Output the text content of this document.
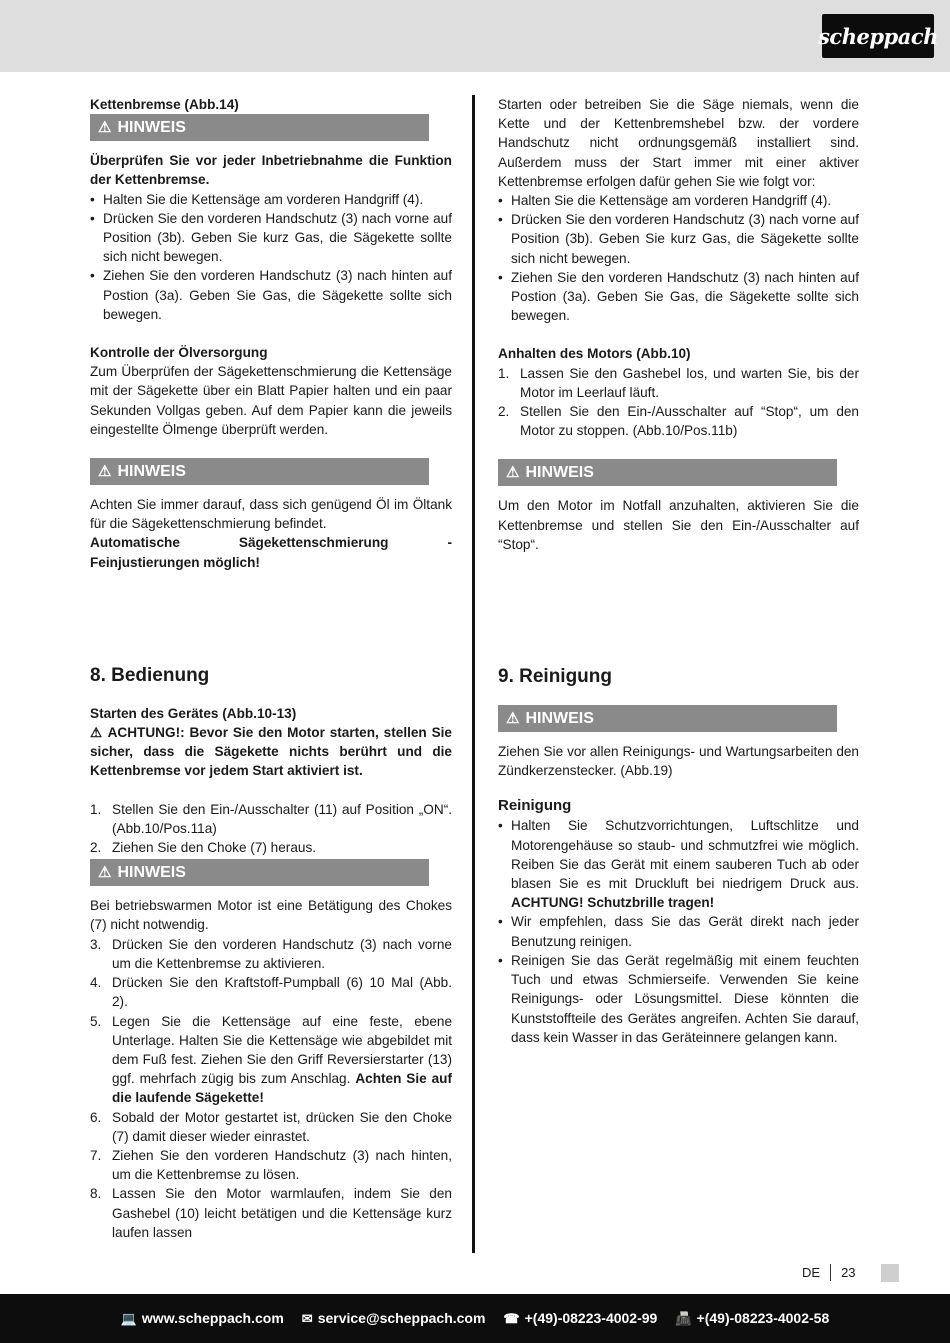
scheppach

Kettenbremse (Abb.14)

⚠ HINWEIS

Überprüfen Sie vor jeder Inbetriebnahme die Funktion der Kettenbremse.

• Halten Sie die Kettensäge am vorderen Handgriff (4).
• Drücken Sie den vorderen Handschutz (3) nach vorne auf Position (3b). Geben Sie kurz Gas, die Sägekette sollte sich nicht bewegen.
• Ziehen Sie den vorderen Handschutz (3) nach hinten auf Postion (3a). Geben Sie Gas, die Sägekette sollte sich bewegen.

Kontrolle der Ölversorgung

Zum Überprüfen der Sägekettenschmierung die Kettensäge mit der Sägekette über ein Blatt Papier halten und ein paar Sekunden Vollgas geben. Auf dem Papier kann die jeweils eingestellte Ölmenge überprüft werden.

⚠ HINWEIS

Achten Sie immer darauf, dass sich genügend Öl im Öltank für die Sägekettenschmierung befindet.

Automatische Sägekettenschmierung - Feinjustierungen möglich!

8. Bedienung

Starten des Gerätes (Abb.10-13)

⚠ ACHTUNG!: Bevor Sie den Motor starten, stellen Sie sicher, dass die Sägekette nichts berührt und die Kettenbremse vor jedem Start aktiviert ist.

1. Stellen Sie den Ein-/Ausschalter (11) auf Position „ON“. (Abb.10/Pos.11a)
2. Ziehen Sie den Choke (7) heraus.
⚠ HINWEIS

Bei betriebswarmen Motor ist eine Betätigung des Chokes (7) nicht notwendig.

3. Drücken Sie den vorderen Handschutz (3) nach vorne um die Kettenbremse zu aktivieren.
4. Drücken Sie den Kraftstoff-Pumpball (6) 10 Mal (Abb. 2).
5. Legen Sie die Kettensäge auf eine feste, ebene Unterlage. Halten Sie die Kettensäge wie abgebildet mit dem Fuß fest. Ziehen Sie den Griff Reversierstarter (13) ggf. mehrfach zügig bis zum Anschlag. Achten Sie auf die laufende Sägekette!
6. Sobald der Motor gestartet ist, drücken Sie den Choke (7) damit dieser wieder einrastet.
7. Ziehen Sie den vorderen Handschutz (3) nach hinten, um die Kettenbremse zu lösen.
8. Lassen Sie den Motor warmlaufen, indem Sie den Gashebel (10) leicht betätigen und die Kettensäge kurz laufen lassen

Starten oder betreiben Sie die Säge niemals, wenn die Kette und der Kettenbremshebel bzw. der vordere Handschutz nicht ordnungsgemäß installiert sind. Außerdem muss der Start immer mit einer aktiver Kettenbremse erfolgen dafür gehen Sie wie folgt vor:

• Halten Sie die Kettensäge am vorderen Handgriff (4).
• Drücken Sie den vorderen Handschutz (3) nach vorne auf Position (3b). Geben Sie kurz Gas, die Sägekette sollte sich nicht bewegen.
• Ziehen Sie den vorderen Handschutz (3) nach hinten auf Postion (3a). Geben Sie Gas, die Sägekette sollte sich bewegen.

Anhalten des Motors (Abb.10)

1. Lassen Sie den Gashebel los, und warten Sie, bis der Motor im Leerlauf läuft.
2. Stellen Sie den Ein-/Ausschalter auf “Stop“, um den Motor zu stoppen. (Abb.10/Pos.11b)
⚠ HINWEIS

Um den Motor im Notfall anzuhalten, aktivieren Sie die Kettenbremse und stellen Sie den Ein-/Ausschalter auf “Stop“.

9. Reinigung
⚠ HINWEIS

Ziehen Sie vor allen Reinigungs- und Wartungsarbeiten den Zündkerzenstecker. (Abb.19)

Reinigung
• Halten Sie Schutzvorrichtungen, Luftschlitze und Motorengehäuse so staub- und schmutzfrei wie möglich. Reiben Sie das Gerät mit einem sauberen Tuch ab oder blasen Sie es mit Druckluft bei niedrigem Druck aus. ACHTUNG! Schutzbrille tragen!
• Wir empfehlen, dass Sie das Gerät direkt nach jeder Benutzung reinigen.
• Reinigen Sie das Gerät regelmäßig mit einem feuchten Tuch und etwas Schmierseife. Verwenden Sie keine Reinigungs- oder Lösungsmittel. Diese könnten die Kunststoffteile des Gerätes angreifen. Achten Sie darauf, dass kein Wasser in das Geräteinnere gelangen kann.
DE 23
💻 www.scheppach.com ✉ service@scheppach.com ☎ +(49)-08223-4002-99 📠 +(49)-08223-4002-58
